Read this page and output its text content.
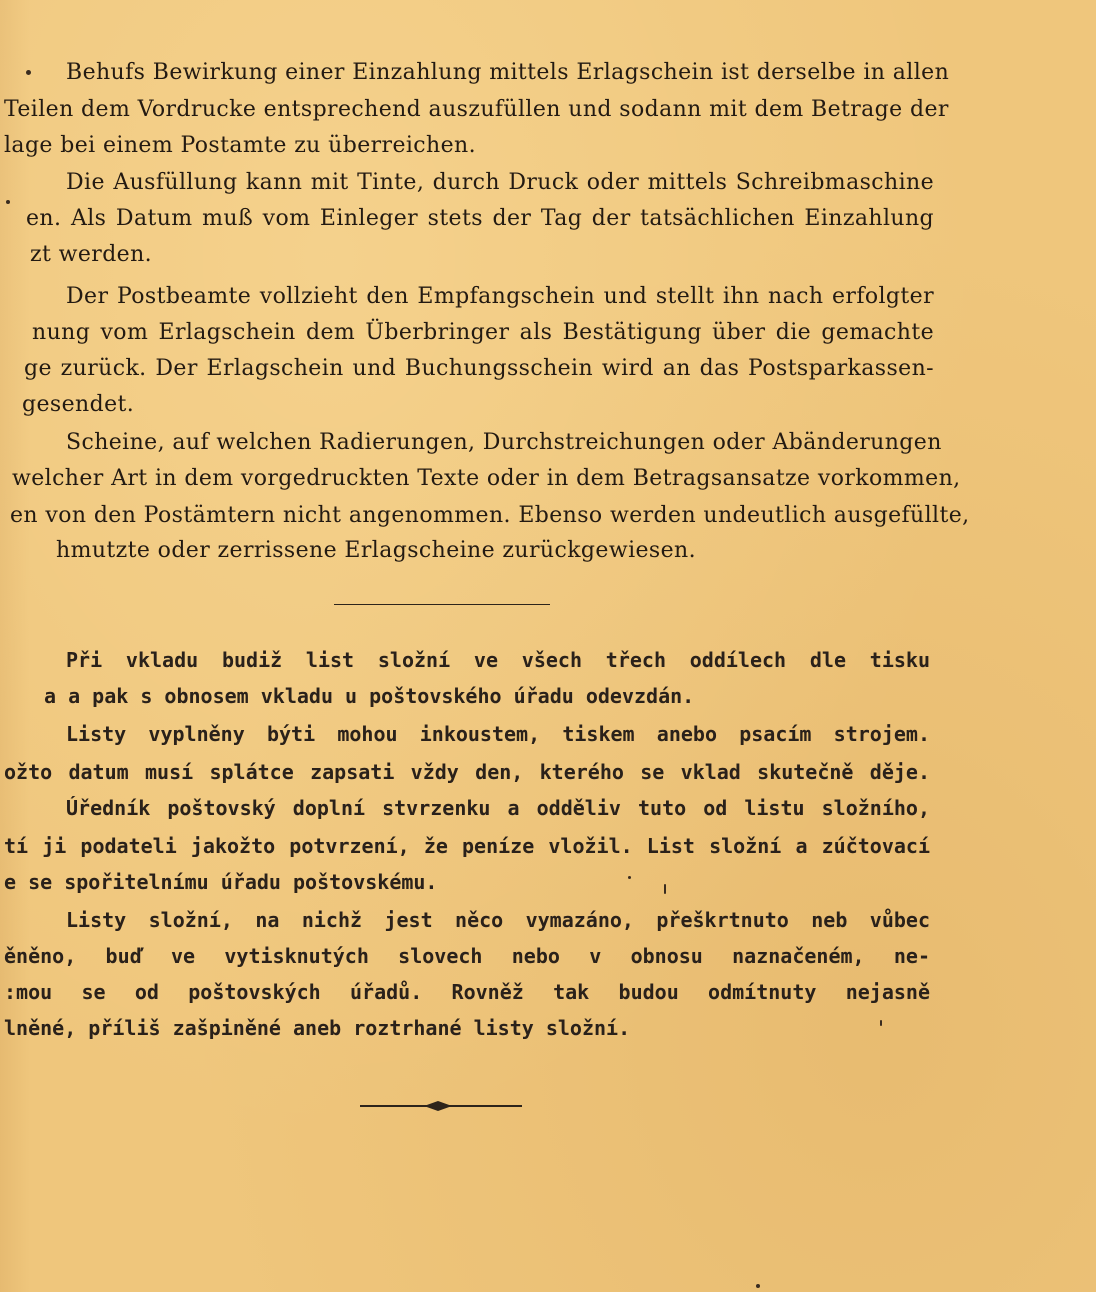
Behufs Bewirkung einer Einzahlung mittels Erlagschein ist derselbe in allen
Teilen dem Vordrucke entsprechend auszufüllen und sodann mit dem Betrage der
lage bei einem Postamte zu überreichen.
Die Ausfüllung kann mit Tinte, durch Druck oder mittels Schreibmaschine
en. Als Datum muß vom Einleger stets der Tag der tatsächlichen Einzahlung
zt werden.
Der Postbeamte vollzieht den Empfangschein und stellt ihn nach erfolgter
nung vom Erlagschein dem Überbringer als Bestätigung über die gemachte
ge zurück. Der Erlagschein und Buchungsschein wird an das Postsparkassen-
gesendet.
Scheine, auf welchen Radierungen, Durchstreichungen oder Abänderungen
welcher Art in dem vorgedruckten Texte oder in dem Betragsansatze vorkommen,
en von den Postämtern nicht angenommen. Ebenso werden undeutlich ausgefüllte,
hmutzte oder zerrissene Erlagscheine zurückgewiesen.
Při vkladu budiž list složní ve všech třech oddílech dle tisku
a a pak s obnosem vkladu u poštovského úřadu odevzdán.
Listy vyplněny býti mohou inkoustem, tiskem anebo psacím strojem.
ožto datum musí splátce zapsati vždy den, kterého se vklad skutečně děje.
Úředník poštovský doplní stvrzenku a odděliv tuto od listu složního,
tí ji podateli jakožto potvrzení, že peníze vložil. List složní a zúčtovací
e se spořitelnímu úřadu poštovskému.
Listy složní, na nichž jest něco vymazáno, přeškrtnuto neb vůbec
ěněno, buď ve vytisknutých slovech nebo v obnosu naznačeném, ne-
:mou se od poštovských úřadů. Rovněž tak budou odmítnuty nejasně
lněné, příliš zašpiněné aneb roztrhané listy složní.
